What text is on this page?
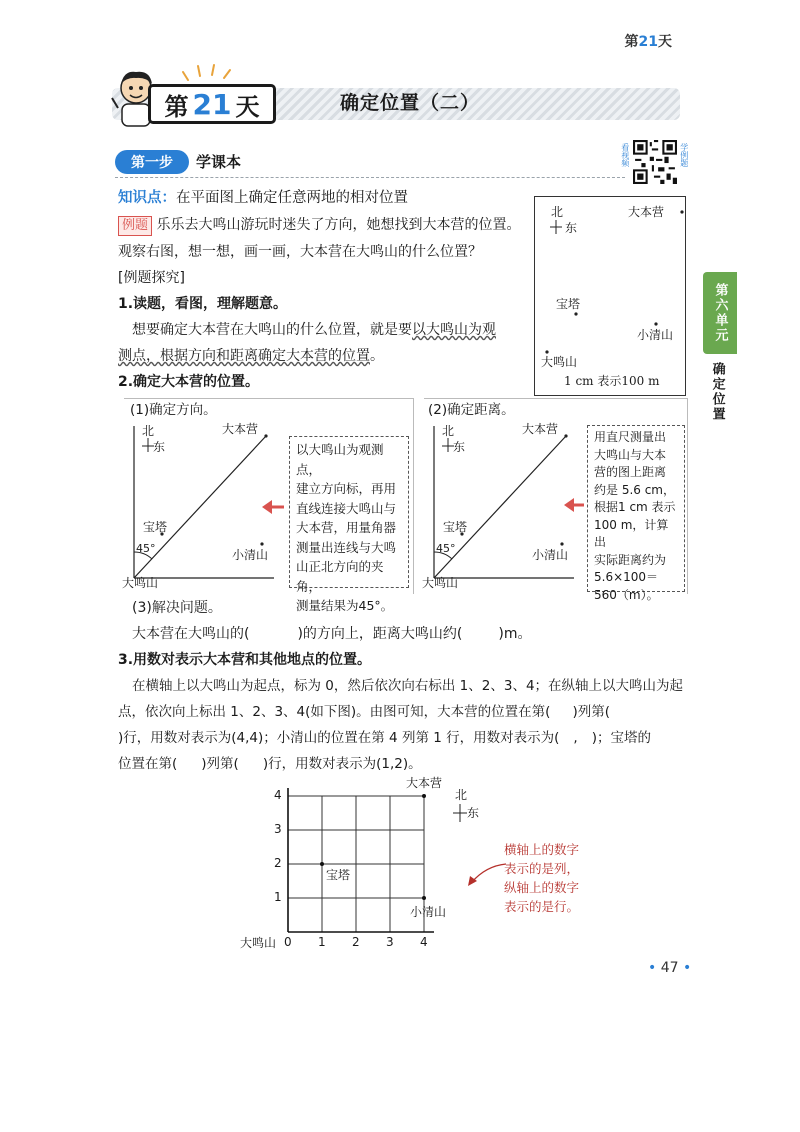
第21天
第 21 天	确定位置（二）
第一步	学课本	看视频	学例题
第六单元
确定位置
知识点：在平面图上确定任意两地的相对位置
例题 乐乐去大鸣山游玩时迷失了方向，她想找到大本营的位置。
观察右图，想一想，画一画，大本营在大鸣山的什么位置？
[例题探究]
北
东
大本营
宝塔
小清山
大鸣山
1 cm 表示100 m
1.读题，看图，理解题意。
想要确定大本营在大鸣山的什么位置，就是要以大鸣山为观
测点，根据方向和距离确定大本营的位置。
2.确定大本营的位置。
(1)确定方向。
北
东
大本营
宝塔
45°	小清山
大鸣山
以大鸣山为观测点，
建立方向标，再用
直线连接大鸣山与
大本营，用量角器
测量出连线与大鸣
山正北方向的夹角，
测量结果为45°。
(2)确定距离。
北
东
大本营
宝塔
45°	小清山
大鸣山
用直尺测量出
大鸣山与大本
营的图上距离
约是 5.6 cm，
根据1 cm 表示
100 m，计算出
实际距离约为
5.6×100＝
560（m）。
(3)解决问题。
大本营在大鸣山的(	)的方向上，距离大鸣山约(	)m。
3.用数对表示大本营和其他地点的位置。
在横轴上以大鸣山为起点，标为 0，然后依次向右标出 1、2、3、4；在纵轴上以大鸣山为起
点，依次向上标出 1、2、3、4(如下图)。由图可知，大本营的位置在第( )列第(
)行，用数对表示为(4,4)；小清山的位置在第 4 列第 1 行，用数对表示为( , )；宝塔的
位置在第( )列第( )行，用数对表示为(1,2)。
4
3
2
1
0 1 2 3 4
大鸣山
大本营
宝塔
小清山
北
东
横轴上的数字
表示的是列，
纵轴上的数字
表示的是行。
• 47 •
